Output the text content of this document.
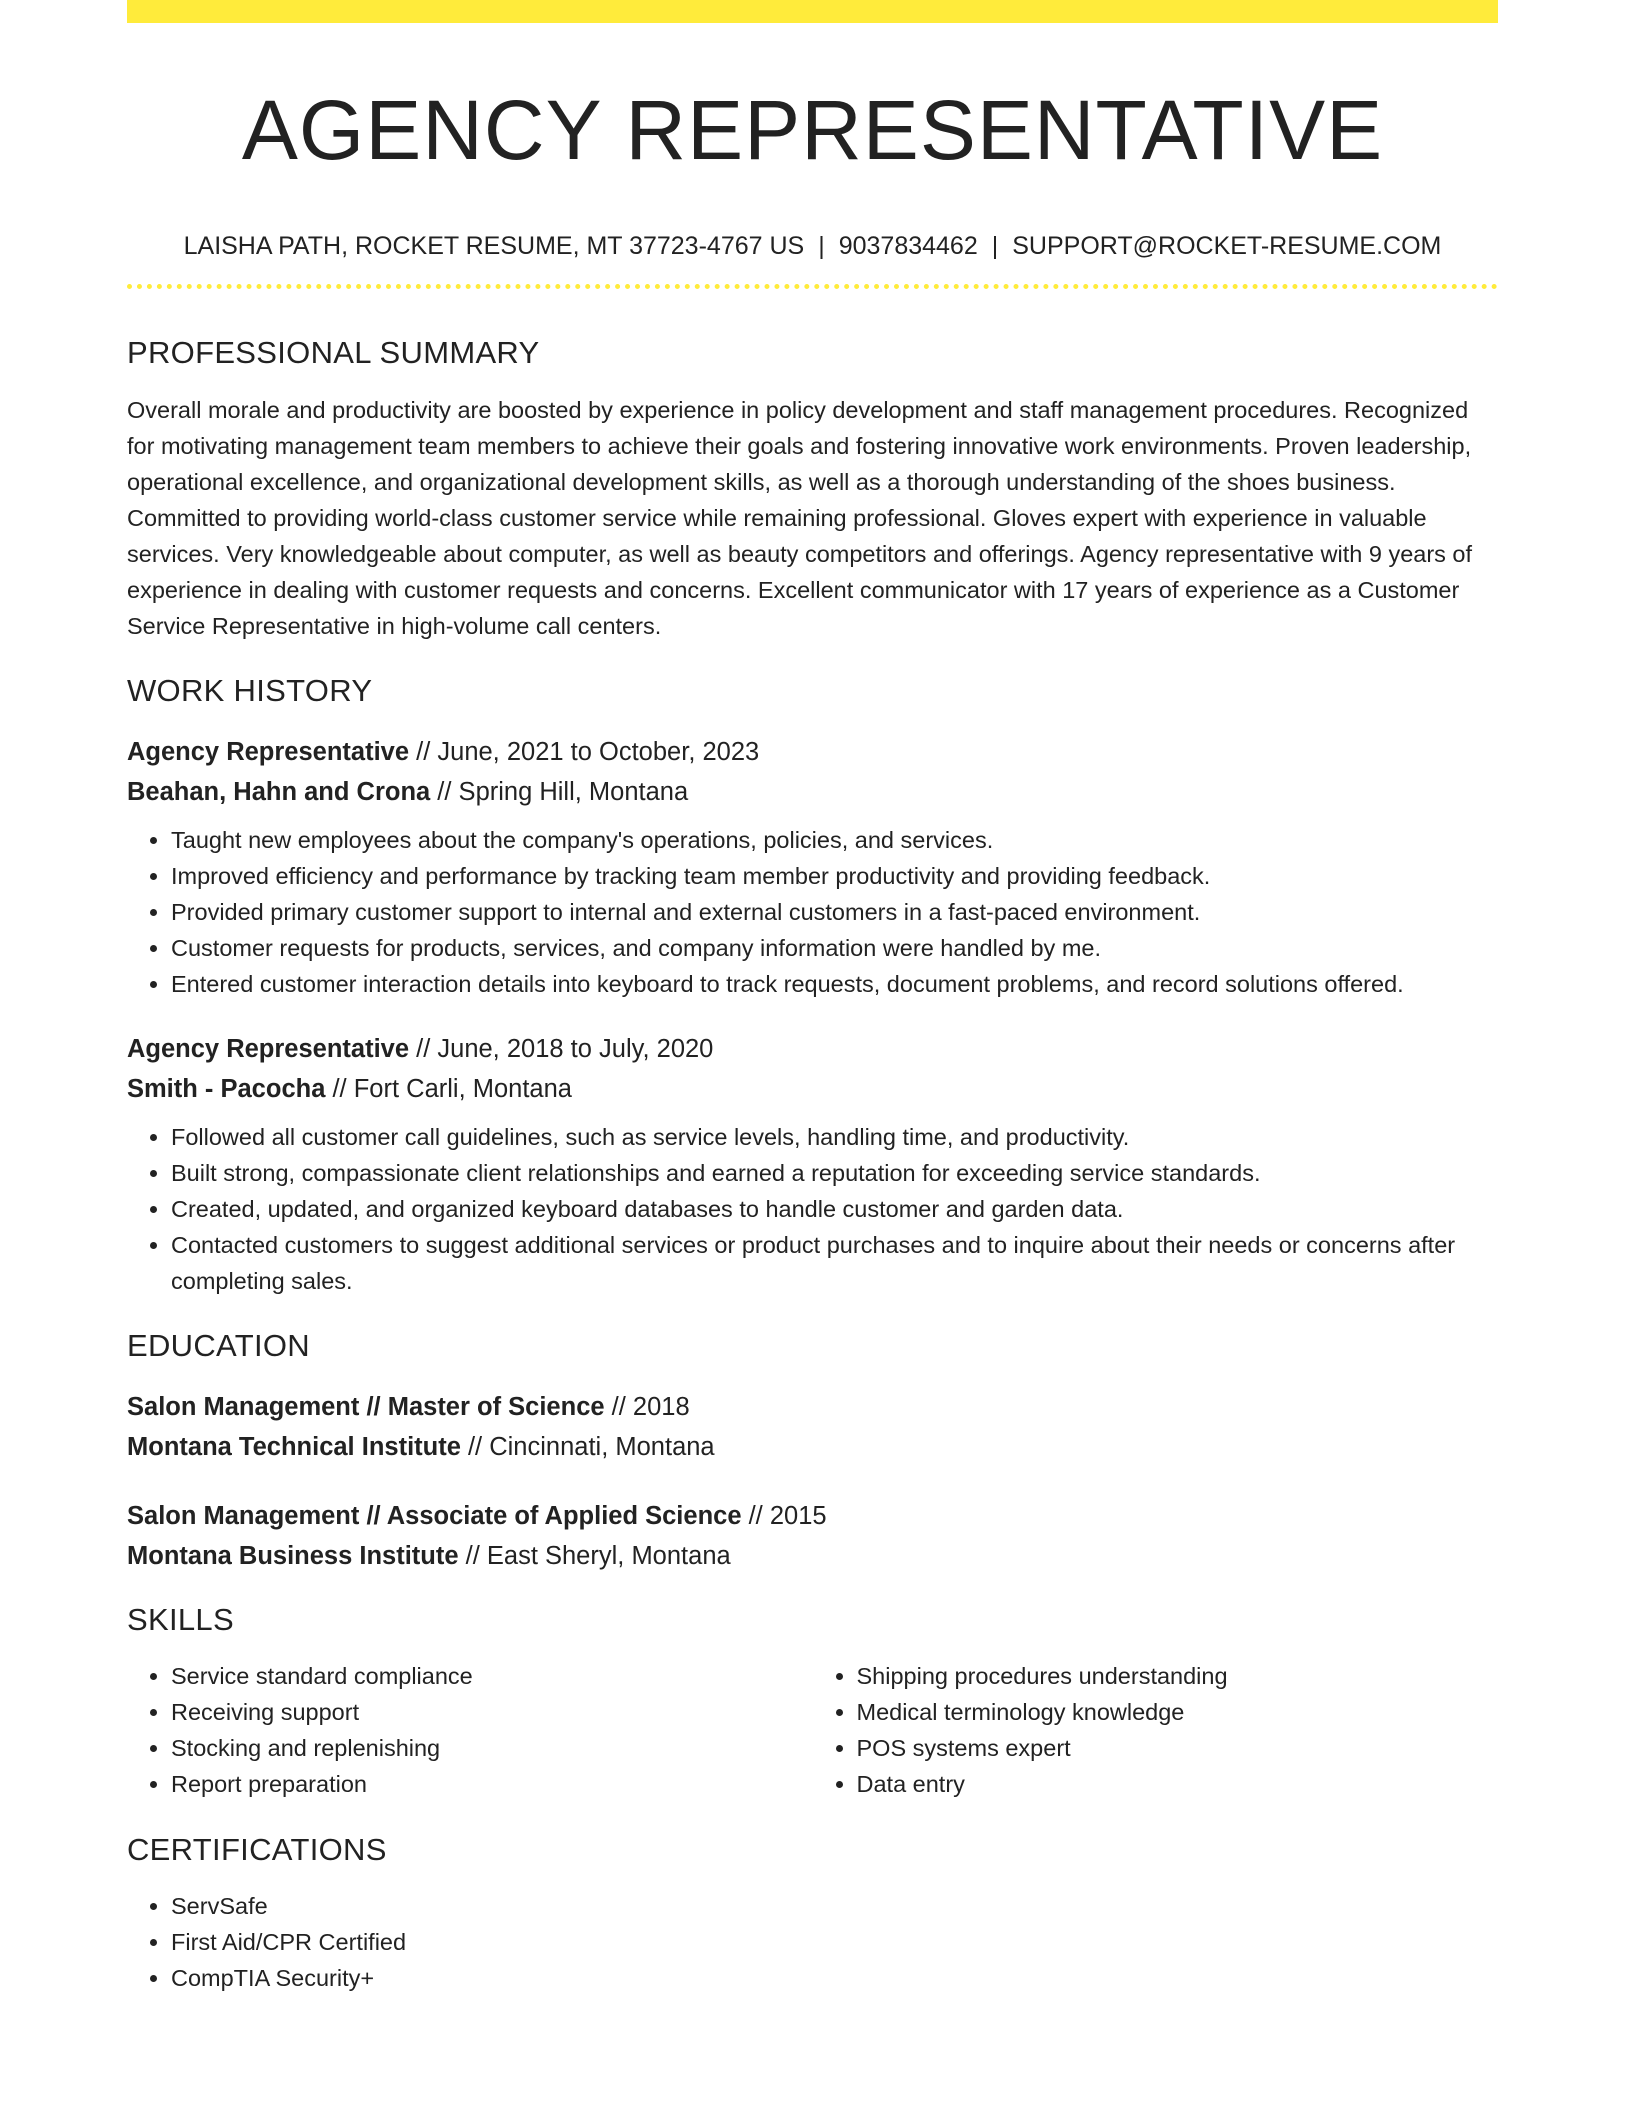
AGENCY REPRESENTATIVE
LAISHA PATH, ROCKET RESUME, MT 37723-4767 US | 9037834462 | SUPPORT@ROCKET-RESUME.COM
PROFESSIONAL SUMMARY
Overall morale and productivity are boosted by experience in policy development and staff management procedures. Recognized for motivating management team members to achieve their goals and fostering innovative work environments. Proven leadership, operational excellence, and organizational development skills, as well as a thorough understanding of the shoes business. Committed to providing world-class customer service while remaining professional. Gloves expert with experience in valuable services. Very knowledgeable about computer, as well as beauty competitors and offerings. Agency representative with 9 years of experience in dealing with customer requests and concerns. Excellent communicator with 17 years of experience as a Customer Service Representative in high-volume call centers.
WORK HISTORY
Agency Representative // June, 2021 to October, 2023
Beahan, Hahn and Crona // Spring Hill, Montana
• Taught new employees about the company's operations, policies, and services.
• Improved efficiency and performance by tracking team member productivity and providing feedback.
• Provided primary customer support to internal and external customers in a fast-paced environment.
• Customer requests for products, services, and company information were handled by me.
• Entered customer interaction details into keyboard to track requests, document problems, and record solutions offered.
Agency Representative // June, 2018 to July, 2020
Smith - Pacocha // Fort Carli, Montana
• Followed all customer call guidelines, such as service levels, handling time, and productivity.
• Built strong, compassionate client relationships and earned a reputation for exceeding service standards.
• Created, updated, and organized keyboard databases to handle customer and garden data.
• Contacted customers to suggest additional services or product purchases and to inquire about their needs or concerns after completing sales.
EDUCATION
Salon Management // Master of Science // 2018
Montana Technical Institute // Cincinnati, Montana
Salon Management // Associate of Applied Science // 2015
Montana Business Institute // East Sheryl, Montana
SKILLS
• Service standard compliance
• Receiving support
• Stocking and replenishing
• Report preparation
• Shipping procedures understanding
• Medical terminology knowledge
• POS systems expert
• Data entry
CERTIFICATIONS
• ServSafe
• First Aid/CPR Certified
• CompTIA Security+
